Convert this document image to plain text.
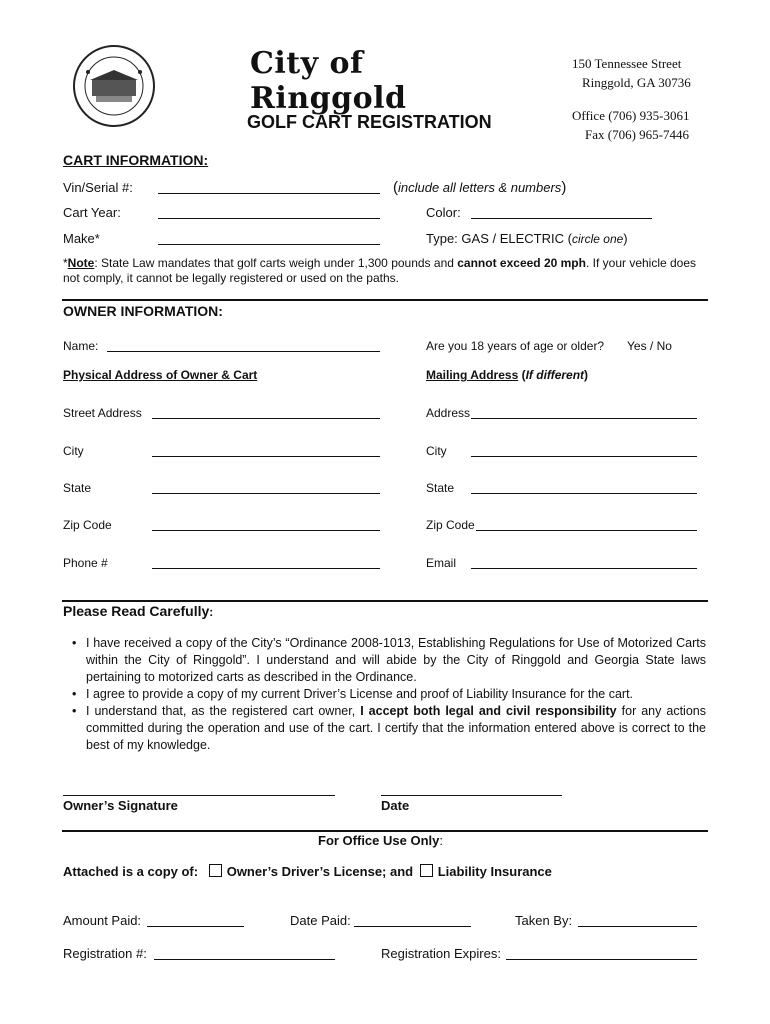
City of Ringgold
GOLF CART REGISTRATION
150 Tennessee Street
Ringgold, GA 30736
Office (706) 935-3061
Fax (706) 965-7446
CART INFORMATION:
Vin/Serial #:	(include all letters & numbers)
Cart Year:	Color:
Make*	Type: GAS / ELECTRIC (circle one)
*Note: State Law mandates that golf carts weigh under 1,300 pounds and cannot exceed 20 mph. If your vehicle does not comply, it cannot be legally registered or used on the paths.
OWNER INFORMATION:
Name:	Are you 18 years of age or older? Yes / No
Physical Address of Owner & Cart	Mailing Address (If different)
Street Address	Address
City	City
State	State
Zip Code	Zip Code
Phone #	Email
Please Read Carefully:
• I have received a copy of the City’s “Ordinance 2008-1013, Establishing Regulations for Use of Motorized Carts within the City of Ringgold”. I understand and will abide by the City of Ringgold and Georgia State laws pertaining to motorized carts as described in the Ordinance.
• I agree to provide a copy of my current Driver’s License and proof of Liability Insurance for the cart.
• I understand that, as the registered cart owner, I accept both legal and civil responsibility for any actions committed during the operation and use of the cart. I certify that the information entered above is correct to the best of my knowledge.
Owner’s Signature	Date
For Office Use Only:
Attached is a copy of: Owner’s Driver’s License; and Liability Insurance
Amount Paid:	Date Paid:	Taken By:
Registration #:	Registration Expires:
